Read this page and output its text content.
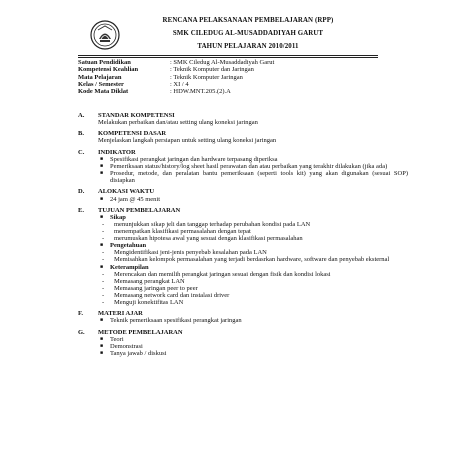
RENCANA PELAKSANAAN PEMBELAJARAN (RPP)
SMK CILEDUG AL-MUSADDADIYAH GARUT
TAHUN PELAJARAN 2010/2011
Satuan Pendidikan	: SMK Ciledug Al-Musaddadiyah Garut
Kompetensi Keahlian	: Teknik Komputer dan Jaringan
Mata Pelajaran	: Teknik Komputer Jaringan
Kelas / Semester	: XI / 4
Kode Mata Diklat	: HDW.MNT.205.(2).A
A.	STANDAR KOMPETENSI
Melakukan perbaikan dan/atau setting ulang koneksi jaringan
B.	KOMPETENSI DASAR
Menjelaskan langkah persiapan untuk setting ulang koneksi jaringan
C.	INDIKATOR
■	Spesifikasi perangkat jaringan dan hardware terpasang diperiksa
■	Pemeriksaan status/history/log sheet hasil perawatan dan atau perbaikan yang terakhir dilakukan (jika ada)
■	Prosedur, metode, dan peralatan bantu pemeriksaan (seperti tools kit) yang akan digunakan (sesuai SOP) disiapkan
D.	ALOKASI WAKTU
■	24 jam @ 45 menit
E.	TUJUAN PEMBELAJARAN
■	Sikap
-	menunjukkan sikap jeli dan tanggap terhadap perubahan kondisi pada LAN
-	menempatkan klasifikasi permasalahan dengan tepat
-	merumuskan hipotesa awal yang sesuai dengan klasifikasi permasalahan
■	Pengetahuan
-	Mengidentifikasi jeni-jenis penyebab kesalahan pada LAN
-	Memisahkan kelompok permasalahan yang terjadi berdasrkan hardware, software dan penyebab eksternal
■	Keterampilan
-	Merencakan dan memilih perangkat jaringan sesuai dengan fisik dan kondisi lokasi
-	Memasang perangkat LAN
-	Memasang jaringan peer to peer
-	Memasang network card dan instalasi driver
-	Menguji konektifitas LAN
F.	MATERI AJAR
■	Teknik pemeriksaan spesifikasi perangkat jaringan
G.	METODE PEMBELAJARAN
■	Teori
■	Demonstrasi
■	Tanya jawab / diskusi
